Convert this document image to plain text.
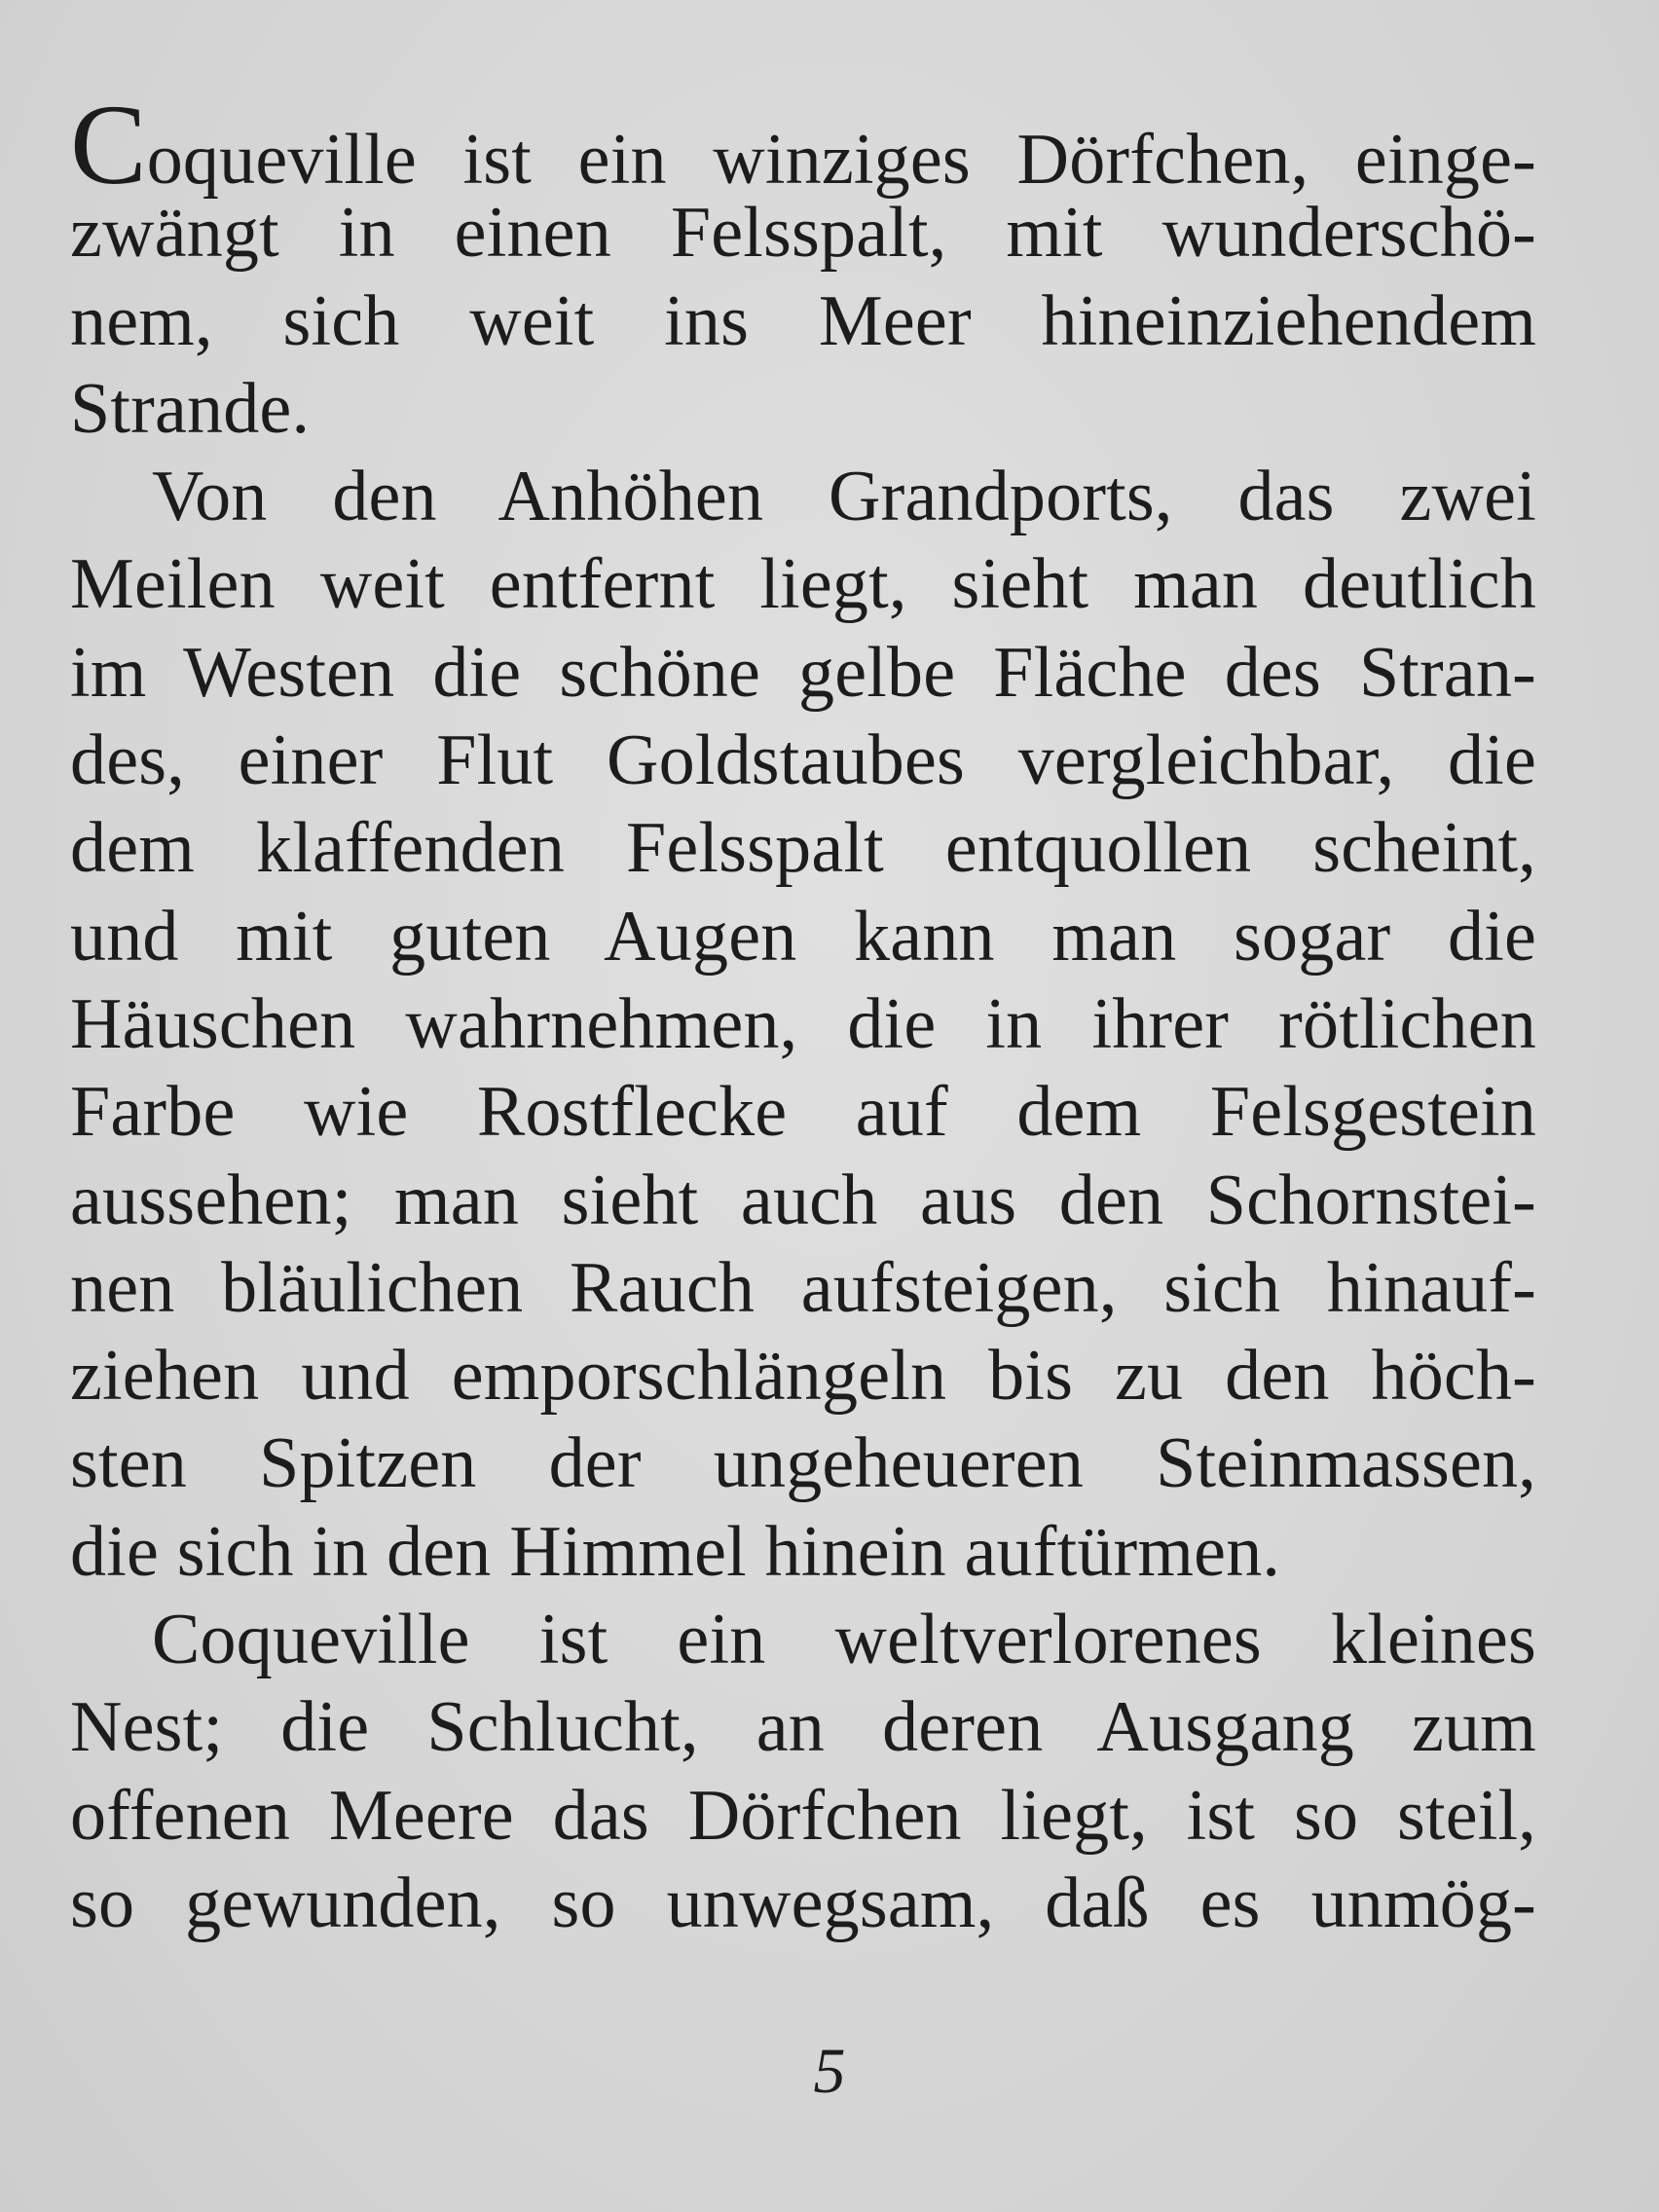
Coqueville ist ein winziges Dörfchen, einge-
zwängt in einen Felsspalt, mit wunderschö-
nem, sich weit ins Meer hineinziehendem
Strande.
Von den Anhöhen Grandports, das zwei
Meilen weit entfernt liegt, sieht man deutlich
im Westen die schöne gelbe Fläche des Stran-
des, einer Flut Goldstaubes vergleichbar, die
dem klaffenden Felsspalt entquollen scheint,
und mit guten Augen kann man sogar die
Häuschen wahrnehmen, die in ihrer rötlichen
Farbe wie Rostflecke auf dem Felsgestein
aussehen; man sieht auch aus den Schornstei-
nen bläulichen Rauch aufsteigen, sich hinauf-
ziehen und emporschlängeln bis zu den höch-
sten Spitzen der ungeheueren Steinmassen,
die sich in den Himmel hinein auftürmen.
Coqueville ist ein weltverlorenes kleines
Nest; die Schlucht, an deren Ausgang zum
offenen Meere das Dörfchen liegt, ist so steil,
so gewunden, so unwegsam, daß es unmög-
5
